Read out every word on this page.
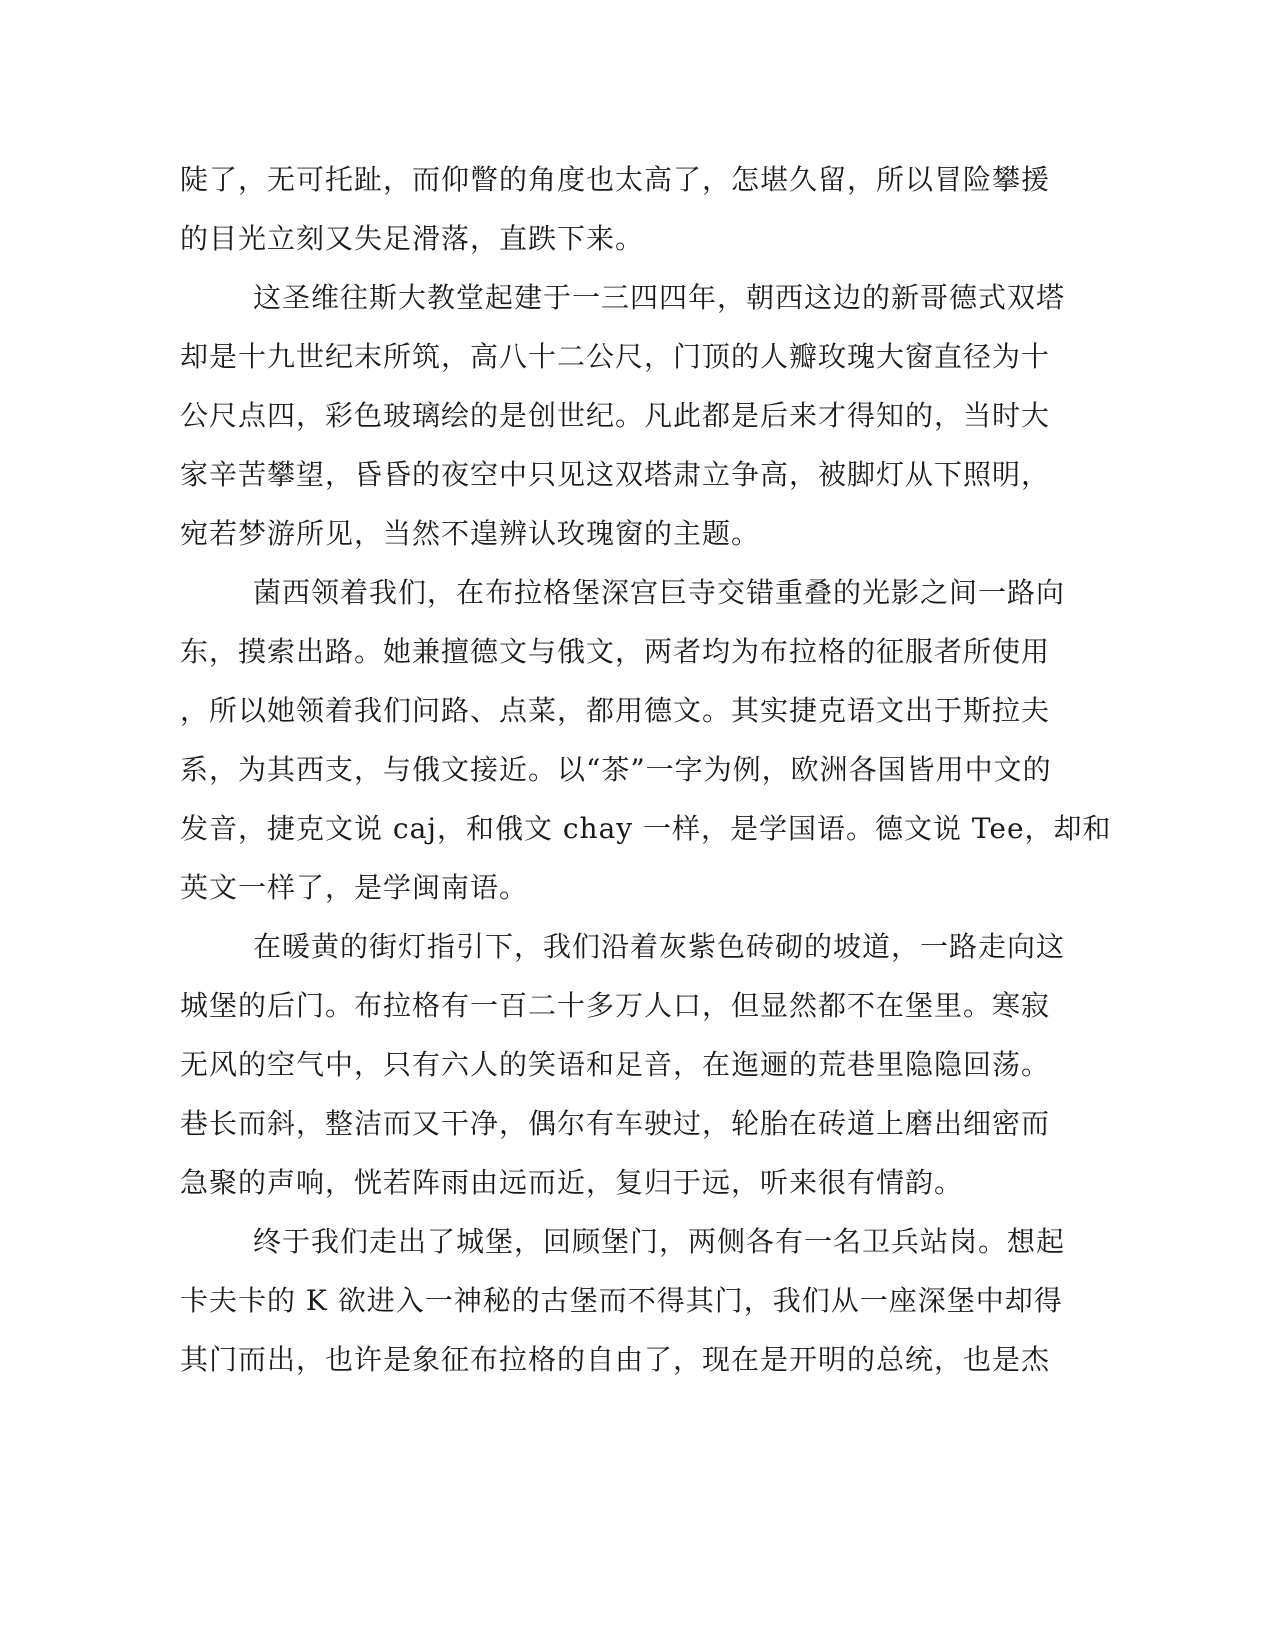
陡了，无可托趾，而仰瞥的角度也太高了，怎堪久留，所以冒险攀援
的目光立刻又失足滑落，直跌下来。
这圣维往斯大教堂起建于一三四四年，朝西这边的新哥德式双塔
却是十九世纪末所筑，高八十二公尺，门顶的人瓣玫瑰大窗直径为十
公尺点四，彩色玻璃绘的是创世纪。凡此都是后来才得知的，当时大
家辛苦攀望，昏昏的夜空中只见这双塔肃立争高，被脚灯从下照明，
宛若梦游所见，当然不遑辨认玫瑰窗的主题。
菌西领着我们，在布拉格堡深宫巨寺交错重叠的光影之间一路向
东，摸索出路。她兼擅德文与俄文，两者均为布拉格的征服者所使用
，所以她领着我们问路、点菜，都用德文。其实捷克语文出于斯拉夫
系，为其西支，与俄文接近。以“茶”一字为例，欧洲各国皆用中文的
发音，捷克文说 caj，和俄文 chay 一样，是学国语。德文说 Tee，却和
英文一样了，是学闽南语。
在暖黄的街灯指引下，我们沿着灰紫色砖砌的坡道，一路走向这
城堡的后门。布拉格有一百二十多万人口，但显然都不在堡里。寒寂
无风的空气中，只有六人的笑语和足音，在迤逦的荒巷里隐隐回荡。
巷长而斜，整洁而又干净，偶尔有车驶过，轮胎在砖道上磨出细密而
急聚的声响，恍若阵雨由远而近，复归于远，听来很有情韵。
终于我们走出了城堡，回顾堡门，两侧各有一名卫兵站岗。想起
卡夫卡的 K 欲进入一神秘的古堡而不得其门，我们从一座深堡中却得
其门而出，也许是象征布拉格的自由了，现在是开明的总统，也是杰
